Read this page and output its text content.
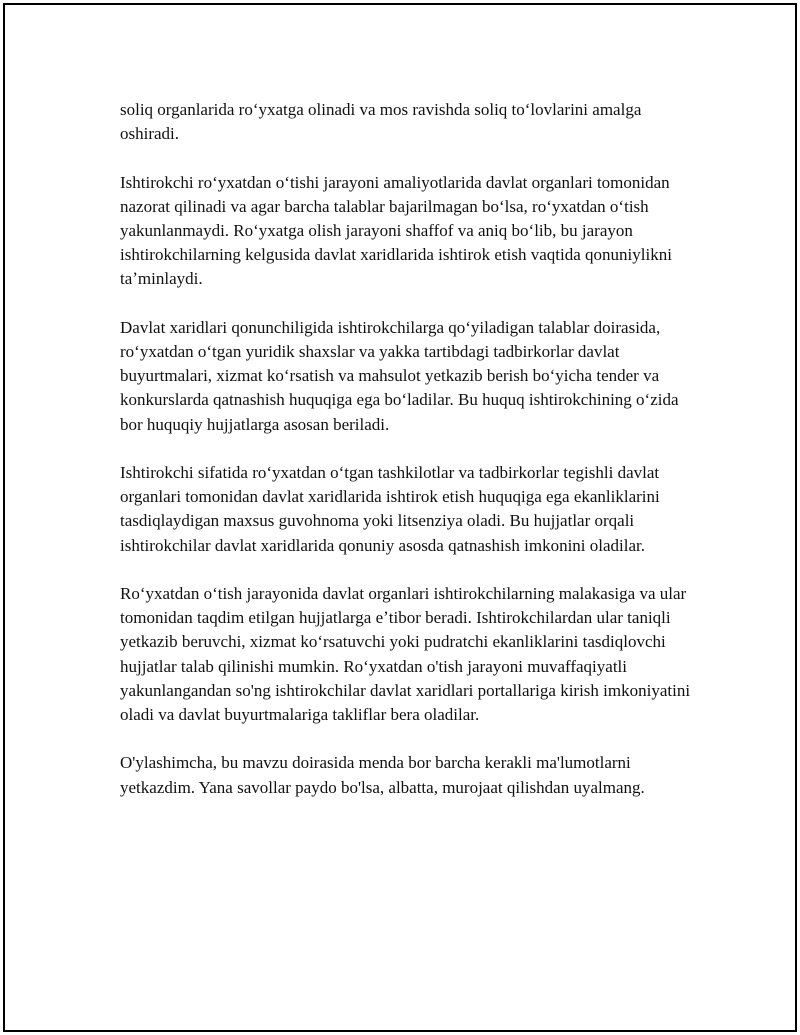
soliq organlarida roʻyxatga olinadi va mos ravishda soliq toʻlovlarini amalga oshiradi.

Ishtirokchi roʻyxatdan oʻtishi jarayoni amaliyotlarida davlat organlari tomonidan nazorat qilinadi va agar barcha talablar bajarilmagan boʻlsa, roʻyxatdan oʻtish yakunlanmaydi. Roʻyxatga olish jarayoni shaffof va aniq boʻlib, bu jarayon ishtirokchilarning kelgusida davlat xaridlarida ishtirok etish vaqtida qonuniylikni taʼminlaydi.

Davlat xaridlari qonunchiligida ishtirokchilarga qoʻyiladigan talablar doirasida, roʻyxatdan oʻtgan yuridik shaxslar va yakka tartibdagi tadbirkorlar davlat buyurtmalari, xizmat koʻrsatish va mahsulot yetkazib berish boʻyicha tender va konkurslarda qatnashish huquqiga ega boʻladilar. Bu huquq ishtirokchining oʻzida bor huquqiy hujjatlarga asosan beriladi.

Ishtirokchi sifatida roʻyxatdan oʻtgan tashkilotlar va tadbirkorlar tegishli davlat organlari tomonidan davlat xaridlarida ishtirok etish huquqiga ega ekanliklarini tasdiqlaydigan maxsus guvohnoma yoki litsenziya oladi. Bu hujjatlar orqali ishtirokchilar davlat xaridlarida qonuniy asosda qatnashish imkonini oladilar.

Roʻyxatdan oʻtish jarayonida davlat organlari ishtirokchilarning malakasiga va ular tomonidan taqdim etilgan hujjatlarga eʼtibor beradi. Ishtirokchilardan ular taniqli yetkazib beruvchi, xizmat koʻrsatuvchi yoki pudratchi ekanliklarini tasdiqlovchi hujjatlar talab qilinishi mumkin. Roʻyxatdan o'tish jarayoni muvaffaqiyatli yakunlangandan so'ng ishtirokchilar davlat xaridlari portallariga kirish imkoniyatini oladi va davlat buyurtmalariga takliflar bera oladilar.

O'ylashimcha, bu mavzu doirasida menda bor barcha kerakli ma'lumotlarni yetkazdim. Yana savollar paydo bo'lsa, albatta, murojaat qilishdan uyalmang.
